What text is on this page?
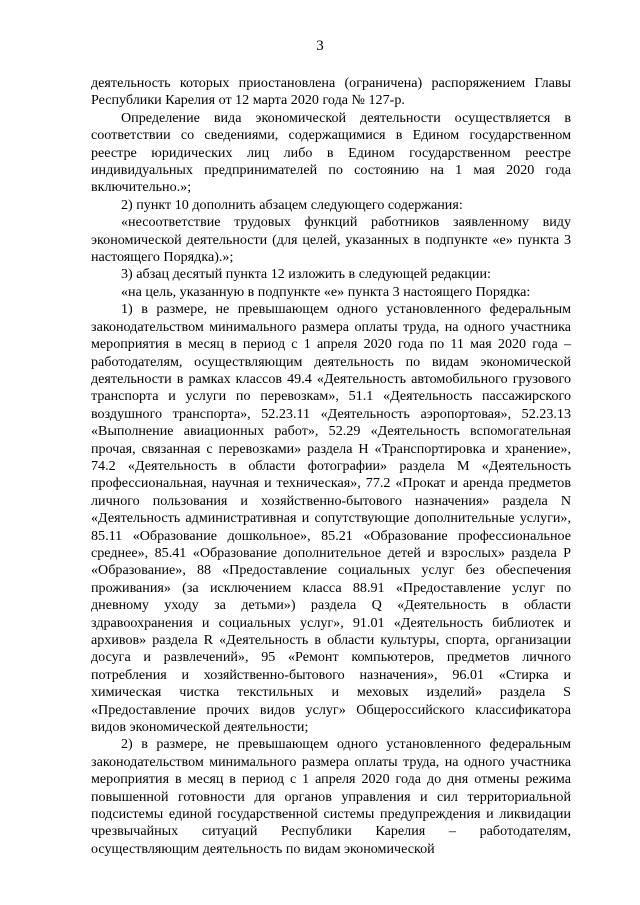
3

деятельность которых приостановлена (ограничена) распоряжением Главы Республики Карелия от 12 марта 2020 года № 127-р.

Определение вида экономической деятельности осуществляется в соответствии со сведениями, содержащимися в Едином государственном реестре юридических лиц либо в Едином государственном реестре индивидуальных предпринимателей по состоянию на 1 мая 2020 года включительно.»;

2) пункт 10 дополнить абзацем следующего содержания:

«несоответствие трудовых функций работников заявленному виду экономической деятельности (для целей, указанных в подпункте «е» пункта 3 настоящего Порядка).»;

3) абзац десятый пункта 12 изложить в следующей редакции:

«на цель, указанную в подпункте «е» пункта 3 настоящего Порядка:

1) в размере, не превышающем одного установленного федеральным законодательством минимального размера оплаты труда, на одного участника мероприятия в месяц в период с 1 апреля 2020 года по 11 мая 2020 года – работодателям, осуществляющим деятельность по видам экономической деятельности в рамках классов 49.4 «Деятельность автомобильного грузового транспорта и услуги по перевозкам», 51.1 «Деятельность пассажирского воздушного транспорта», 52.23.11 «Деятельность аэропортовая», 52.23.13 «Выполнение авиационных работ», 52.29 «Деятельность вспомогательная прочая, связанная с перевозками» раздела H «Транспортировка и хранение», 74.2 «Деятельность в области фотографии» раздела M «Деятельность профессиональная, научная и техническая», 77.2 «Прокат и аренда предметов личного пользования и хозяйственно-бытового назначения» раздела N «Деятельность административная и сопутствующие дополнительные услуги», 85.11 «Образование дошкольное», 85.21 «Образование профессиональное среднее», 85.41 «Образование дополнительное детей и взрослых» раздела P «Образование», 88 «Предоставление социальных услуг без обеспечения проживания» (за исключением класса 88.91 «Предоставление услуг по дневному уходу за детьми») раздела Q «Деятельность в области здравоохранения и социальных услуг», 91.01 «Деятельность библиотек и архивов» раздела R «Деятельность в области культуры, спорта, организации досуга и развлечений», 95 «Ремонт компьютеров, предметов личного потребления и хозяйственно-бытового назначения», 96.01 «Стирка и химическая чистка текстильных и меховых изделий» раздела S «Предоставление прочих видов услуг» Общероссийского классификатора видов экономической деятельности;

2) в размере, не превышающем одного установленного федеральным законодательством минимального размера оплаты труда, на одного участника мероприятия в месяц в период с 1 апреля 2020 года до дня отмены режима повышенной готовности для органов управления и сил территориальной подсистемы единой государственной системы предупреждения и ликвидации чрезвычайных ситуаций Республики Карелия – работодателям, осуществляющим деятельность по видам экономической
